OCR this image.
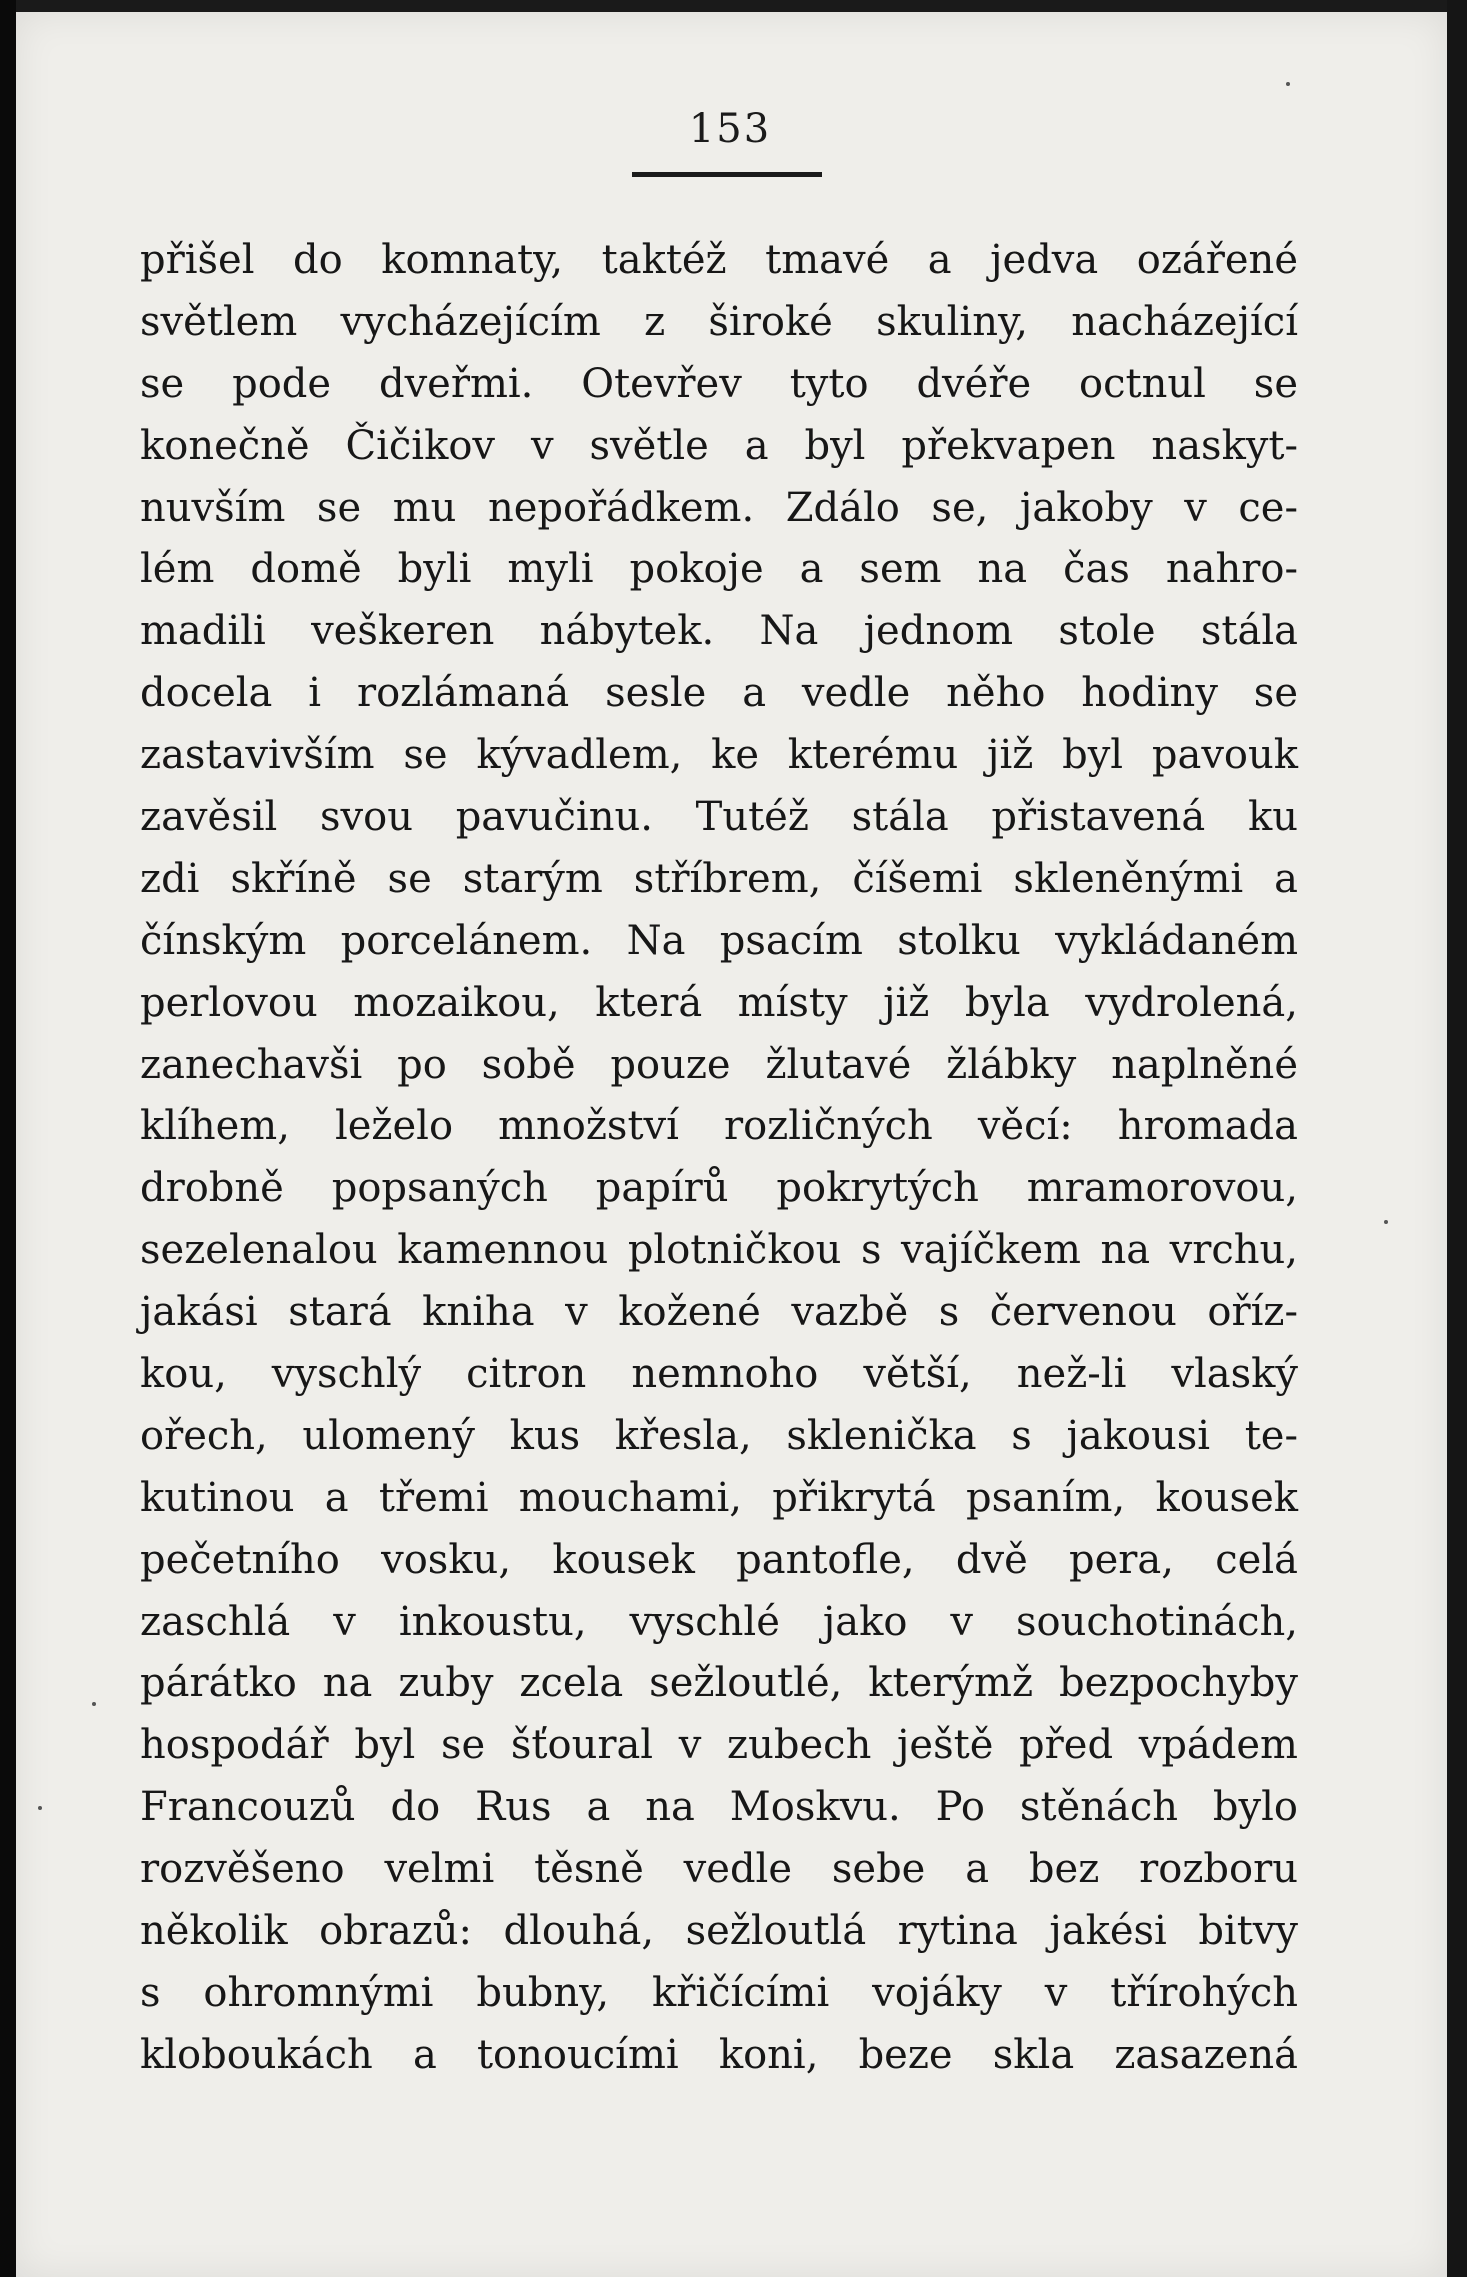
153
přišel do komnaty, taktéž tmavé a jedva ozářené
světlem vycházejícím z široké skuliny, nacházející
se pode dveřmi. Otevřev tyto dvéře octnul se
konečně Čičikov v světle a byl překvapen naskyt-
nuvším se mu nepořádkem. Zdálo se, jakoby v ce-
lém domě byli myli pokoje a sem na čas nahro-
madili veškeren nábytek. Na jednom stole stála
docela i rozlámaná sesle a vedle něho hodiny se
zastavivším se kývadlem, ke kterému již byl pavouk
zavěsil svou pavučinu. Tutéž stála přistavená ku
zdi skříně se starým stříbrem, číšemi skleněnými a
čínským porcelánem. Na psacím stolku vykládaném
perlovou mozaikou, která místy již byla vydrolená,
zanechavši po sobě pouze žlutavé žlábky naplněné
klíhem, leželo množství rozličných věcí: hromada
drobně popsaných papírů pokrytých mramorovou,
sezelenalou kamennou plotničkou s vajíčkem na vrchu,
jakási stará kniha v kožené vazbě s červenou oříz-
kou, vyschlý citron nemnoho větší, než-li vlaský
ořech, ulomený kus křesla, sklenička s jakousi te-
kutinou a třemi mouchami, přikrytá psaním, kousek
pečetního vosku, kousek pantofle, dvě pera, celá
zaschlá v inkoustu, vyschlé jako v souchotinách,
párátko na zuby zcela sežloutlé, kterýmž bezpochyby
hospodář byl se šťoural v zubech ještě před vpádem
Francouzů do Rus a na Moskvu. Po stěnách bylo
rozvěšeno velmi těsně vedle sebe a bez rozboru
několik obrazů: dlouhá, sežloutlá rytina jakési bitvy
s ohromnými bubny, křičícími vojáky v třírohých
kloboukách a tonoucími koni, beze skla zasazená
